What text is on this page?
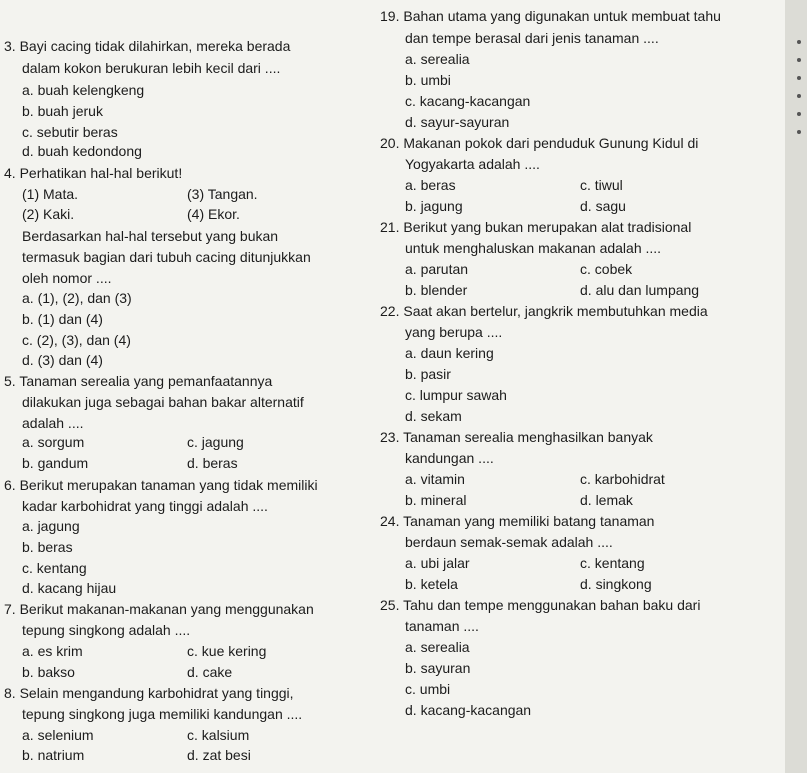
3. Bayi cacing tidak dilahirkan, mereka berada
dalam kokon berukuran lebih kecil dari ....
a. buah kelengkeng
b. buah jeruk
c. sebutir beras
d. buah kedondong
4. Perhatikan hal-hal berikut!
(1) Mata.	(3) Tangan.
(2) Kaki.	(4) Ekor.
Berdasarkan hal-hal tersebut yang bukan
termasuk bagian dari tubuh cacing ditunjukkan
oleh nomor ....
a. (1), (2), dan (3)
b. (1) dan (4)
c. (2), (3), dan (4)
d. (3) dan (4)
5. Tanaman serealia yang pemanfaatannya
dilakukan juga sebagai bahan bakar alternatif
adalah ....
a. sorgum	c. jagung
b. gandum	d. beras
6. Berikut merupakan tanaman yang tidak memiliki
kadar karbohidrat yang tinggi adalah ....
a. jagung
b. beras
c. kentang
d. kacang hijau
7. Berikut makanan-makanan yang menggunakan
tepung singkong adalah ....
a. es krim	c. kue kering
b. bakso	d. cake
8. Selain mengandung karbohidrat yang tinggi,
tepung singkong juga memiliki kandungan ....
a. selenium	c. kalsium
b. natrium	d. zat besi
19. Bahan utama yang digunakan untuk membuat tahu
dan tempe berasal dari jenis tanaman ....
a. serealia
b. umbi
c. kacang-kacangan
d. sayur-sayuran
20. Makanan pokok dari penduduk Gunung Kidul di
Yogyakarta adalah ....
a. beras	c. tiwul
b. jagung	d. sagu
21. Berikut yang bukan merupakan alat tradisional
untuk menghaluskan makanan adalah ....
a. parutan	c. cobek
b. blender	d. alu dan lumpang
22. Saat akan bertelur, jangkrik membutuhkan media
yang berupa ....
a. daun kering
b. pasir
c. lumpur sawah
d. sekam
23. Tanaman serealia menghasilkan banyak
kandungan ....
a. vitamin	c. karbohidrat
b. mineral	d. lemak
24. Tanaman yang memiliki batang tanaman
berdaun semak-semak adalah ....
a. ubi jalar	c. kentang
b. ketela	d. singkong
25. Tahu dan tempe menggunakan bahan baku dari
tanaman ....
a. serealia
b. sayuran
c. umbi
d. kacang-kacangan
